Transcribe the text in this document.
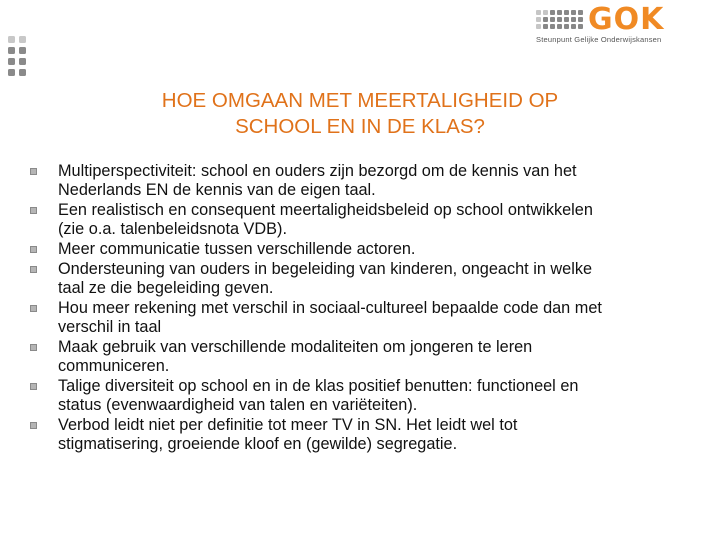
GOK
Steunpunt Gelijke Onderwijskansen
HOE OMGAAN MET MEERTALIGHEID OP
SCHOOL EN IN DE KLAS?
Multiperspectiviteit: school en ouders zijn bezorgd om de kennis van het
Nederlands EN de kennis van de eigen taal.
Een realistisch en consequent meertaligheidsbeleid op school ontwikkelen
(zie o.a. talenbeleidsnota VDB).
Meer communicatie tussen verschillende actoren.
Ondersteuning van ouders in begeleiding van kinderen, ongeacht in welke
taal ze die begeleiding geven.
Hou meer rekening met verschil in sociaal-cultureel bepaalde code dan met
verschil in taal
Maak gebruik van verschillende modaliteiten om jongeren te leren
communiceren.
Talige diversiteit op school en in de klas positief benutten: functioneel en
status (evenwaardigheid van talen en variëteiten).
Verbod leidt niet per definitie tot meer TV in SN. Het leidt wel tot
stigmatisering, groeiende kloof en (gewilde) segregatie.
